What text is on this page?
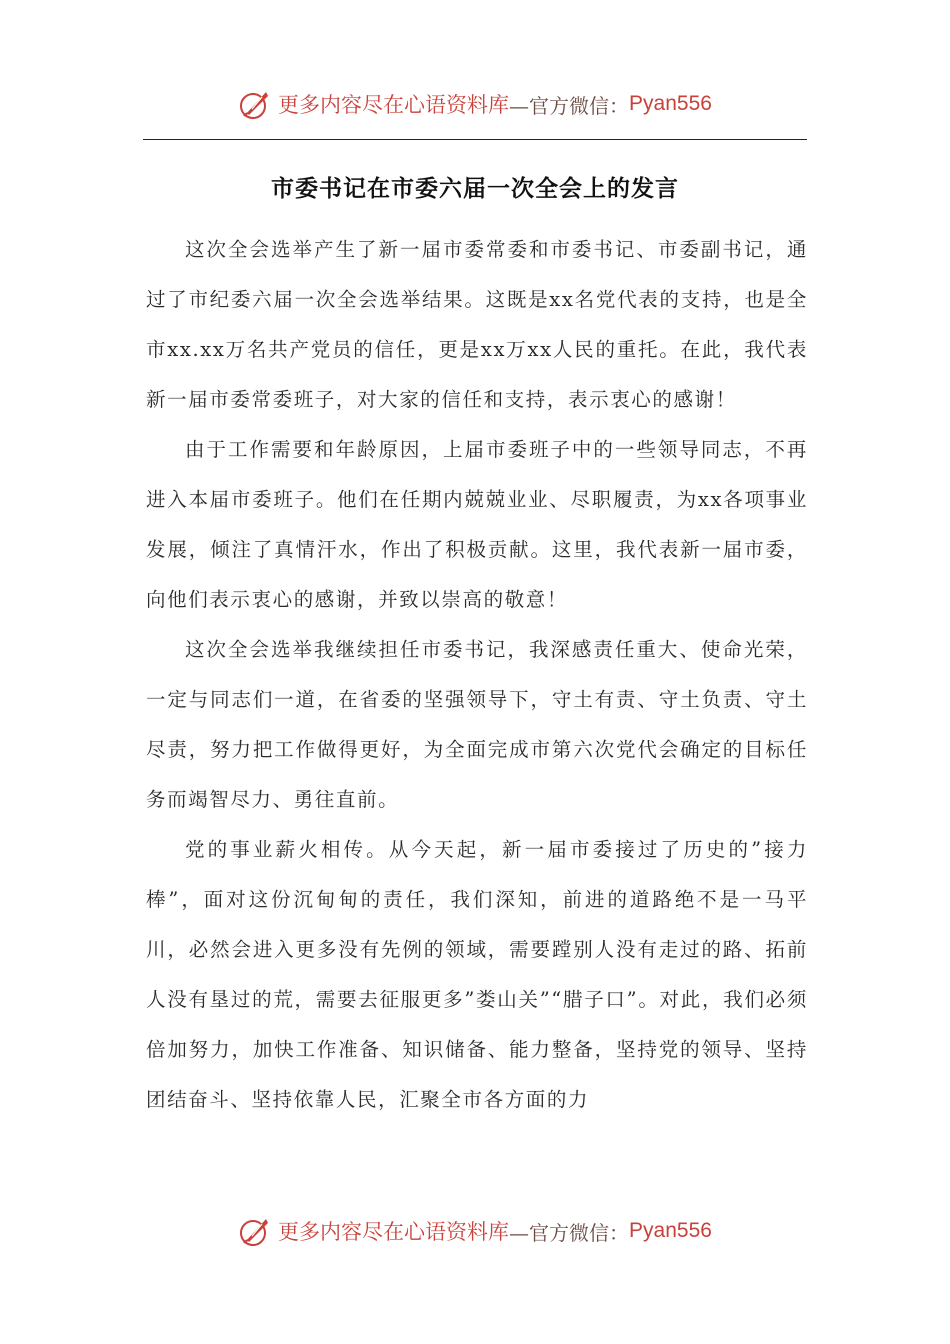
更多内容尽在心语资料库 —官方微信： Pyan556
市委书记在市委六届一次全会上的发言

这次全会选举产生了新一届市委常委和市委书记、市委副书记，通过了市纪委六届一次全会选举结果。这既是xx名党代表的支持，也是全市xx.xx万名共产党员的信任，更是xx万xx人民的重托。在此，我代表新一届市委常委班子，对大家的信任和支持，表示衷心的感谢！

由于工作需要和年龄原因，上届市委班子中的一些领导同志，不再进入本届市委班子。他们在任期内兢兢业业、尽职履责，为xx各项事业发展，倾注了真情汗水，作出了积极贡献。这里，我代表新一届市委，向他们表示衷心的感谢，并致以崇高的敬意！

这次全会选举我继续担任市委书记，我深感责任重大、使命光荣，一定与同志们一道，在省委的坚强领导下，守土有责、守土负责、守土尽责，努力把工作做得更好，为全面完成市第六次党代会确定的目标任务而竭智尽力、勇往直前。

党的事业薪火相传。从今天起，新一届市委接过了历史的”接力棒”，面对这份沉甸甸的责任，我们深知，前进的道路绝不是一马平川，必然会进入更多没有先例的领域，需要蹚别人没有走过的路、拓前人没有垦过的荒，需要去征服更多”娄山关”“腊子口”。对此，我们必须倍加努力，加快工作准备、知识储备、能力整备，坚持党的领导、坚持团结奋斗、坚持依靠人民，汇聚全市各方面的力

更多内容尽在心语资料库 —官方微信： Pyan556
